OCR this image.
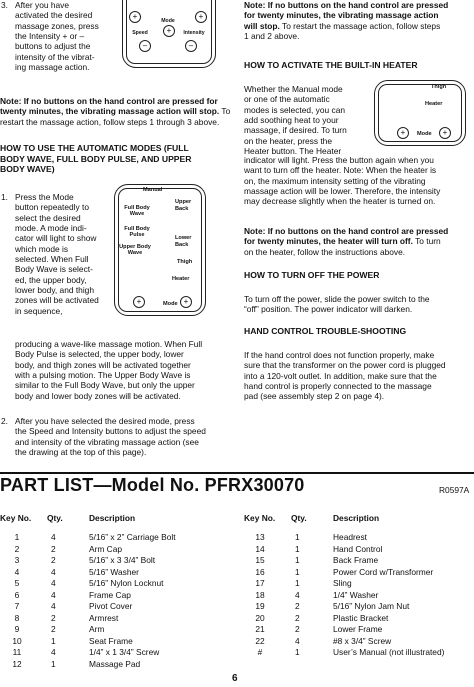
3. After you have

activated the desired

massage zones, press

the Intensity + or –

buttons to adjust the

intensity of the vibrat-

ing massage action.

+	+
Mode
+
Speed	Intensity
–	–

Note: If no buttons on the hand control are pressed for twenty minutes, the vibrating massage action will stop. To restart the massage action, follow steps 1 through 3 above.

HOW TO USE THE AUTOMATIC MODES (FULL

BODY WAVE, FULL BODY PULSE, AND UPPER

BODY WAVE)

1. Press the Mode

button repeatedly to

select the desired

mode. A mode indi-

cator will light to show

which mode is

selected. When Full

Body Wave is select-

ed, the upper body,

lower body, and thigh

zones will be activated

in sequence,

producing a wave-like massage motion. When Full

Body Pulse is selected, the upper body, lower

body, and thigh zones will be activated together

with a pulsing motion. The Upper Body Wave is

similar to the Full Body Wave, but only the upper

body and lower body zones will be activated.

Manual
Full Body Wave
Upper Back
Full Body Pulse
Lower Back
Upper Body Wave
Thigh
Heater
Mode
+	+
2. After you have selected the desired mode, press

the Speed and Intensity buttons to adjust the speed

and intensity of the vibrating massage action (see

the drawing at the top of this page).

Note: If no buttons on the hand control are pressed

for twenty minutes, the vibrating massage action

will stop. To restart the massage action, follow steps

1 and 2 above.

HOW TO ACTIVATE THE BUILT-IN HEATER

Whether the Manual mode

or one of the automatic

modes is selected, you can

add soothing heat to your

massage, if desired. To turn

on the heater, press the

Heater button. The Heater

Thigh
Heater
Mode
+	+

indicator will light. Press the button again when you

want to turn off the heater. Note: When the heater is

on, the maximum intensity setting of the vibrating

massage action will be lower. Therefore, the intensity

may decrease slightly when the heater is turned on.

Note: If no buttons on the hand control are pressed

for twenty minutes, the heater will turn off. To turn

on the heater, follow the instructions above.

HOW TO TURN OFF THE POWER

To turn off the power, slide the power switch to the

“off” position. The power indicator will darken.

HAND CONTROL TROUBLE-SHOOTING

If the hand control does not function properly, make

sure that the transformer on the power cord is plugged

into a 120-volt outlet. In addition, make sure that the

hand control is properly connected to the massage

pad (see assembly step 2 on page 4).

PART LIST—Model No. PFRX30070	R0597A
Key No. Qty.	Description
1	4	5/16” x 2” Carriage Bolt
2	2	Arm Cap
3	2	5/16” x 3 3/4” Bolt
4	4	5/16” Washer
5	4	5/16” Nylon Locknut
6	4	Frame Cap
7	4	Pivot Cover
8	2	Armrest
9	2	Arm
10	1	Seat Frame
11	4	1/4” x 1 3/4” Screw
12	1	Massage Pad
Key No. Qty.	Description
13	1	Headrest
14	1	Hand Control
15	1	Back Frame
16	1	Power Cord w/Transformer
17	1	Sling
18	4	1/4” Washer
19	2	5/16” Nylon Jam Nut
20	2	Plastic Bracket
21	2	Lower Frame
22	4	#8 x 3/4” Screw
#	1	User’s Manual (not illustrated)
6
